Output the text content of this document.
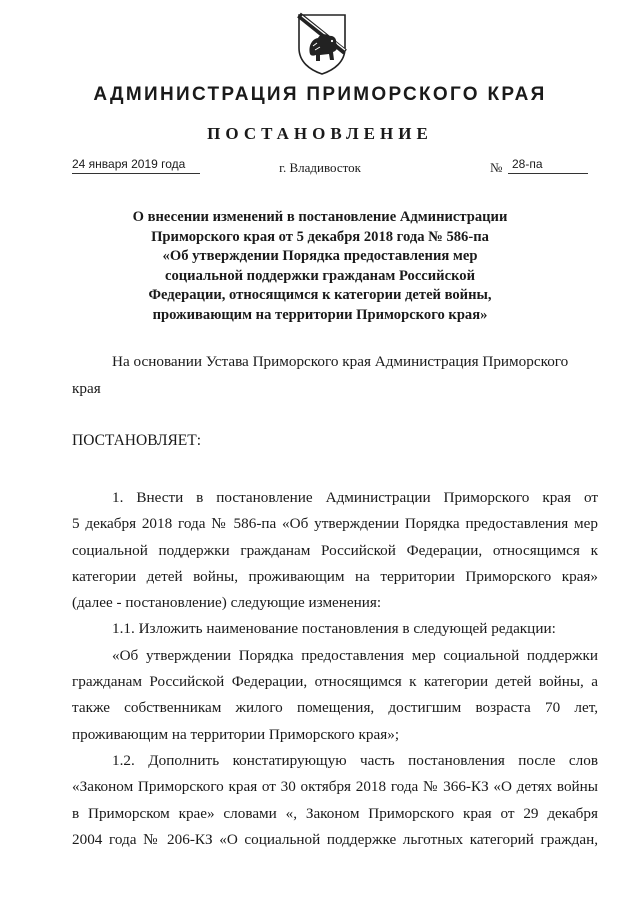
АДМИНИСТРАЦИЯ ПРИМОРСКОГО КРАЯ
ПОСТАНОВЛЕНИЕ
24 января 2019 года	г. Владивосток	№ 28-па

О внесении изменений в постановление Администрации
Приморского края от 5 декабря 2018 года № 586-па
«Об утверждении Порядка предоставления мер
социальной поддержки гражданам Российской
Федерации, относящимся к категории детей войны,
проживающим на территории Приморского края»

На основании Устава Приморского края Администрация Приморского
края

ПОСТАНОВЛЯЕТ:

1. Внести в постановление Администрации Приморского края от
5 декабря 2018 года № 586-па «Об утверждении Порядка предоставления мер
социальной поддержки гражданам Российской Федерации, относящимся к
категории детей войны, проживающим на территории Приморского края»
(далее - постановление) следующие изменения:
1.1. Изложить наименование постановления в следующей редакции:
«Об утверждении Порядка предоставления мер социальной поддержки
гражданам Российской Федерации, относящимся к категории детей войны, а
также собственникам жилого помещения, достигшим возраста 70 лет,
проживающим на территории Приморского края»;
1.2. Дополнить констатирующую часть постановления после слов
«Законом Приморского края от 30 октября 2018 года № 366-КЗ «О детях войны
в Приморском крае» словами «, Законом Приморского края от 29 декабря
2004 года № 206-КЗ «О социальной поддержке льготных категорий граждан,
